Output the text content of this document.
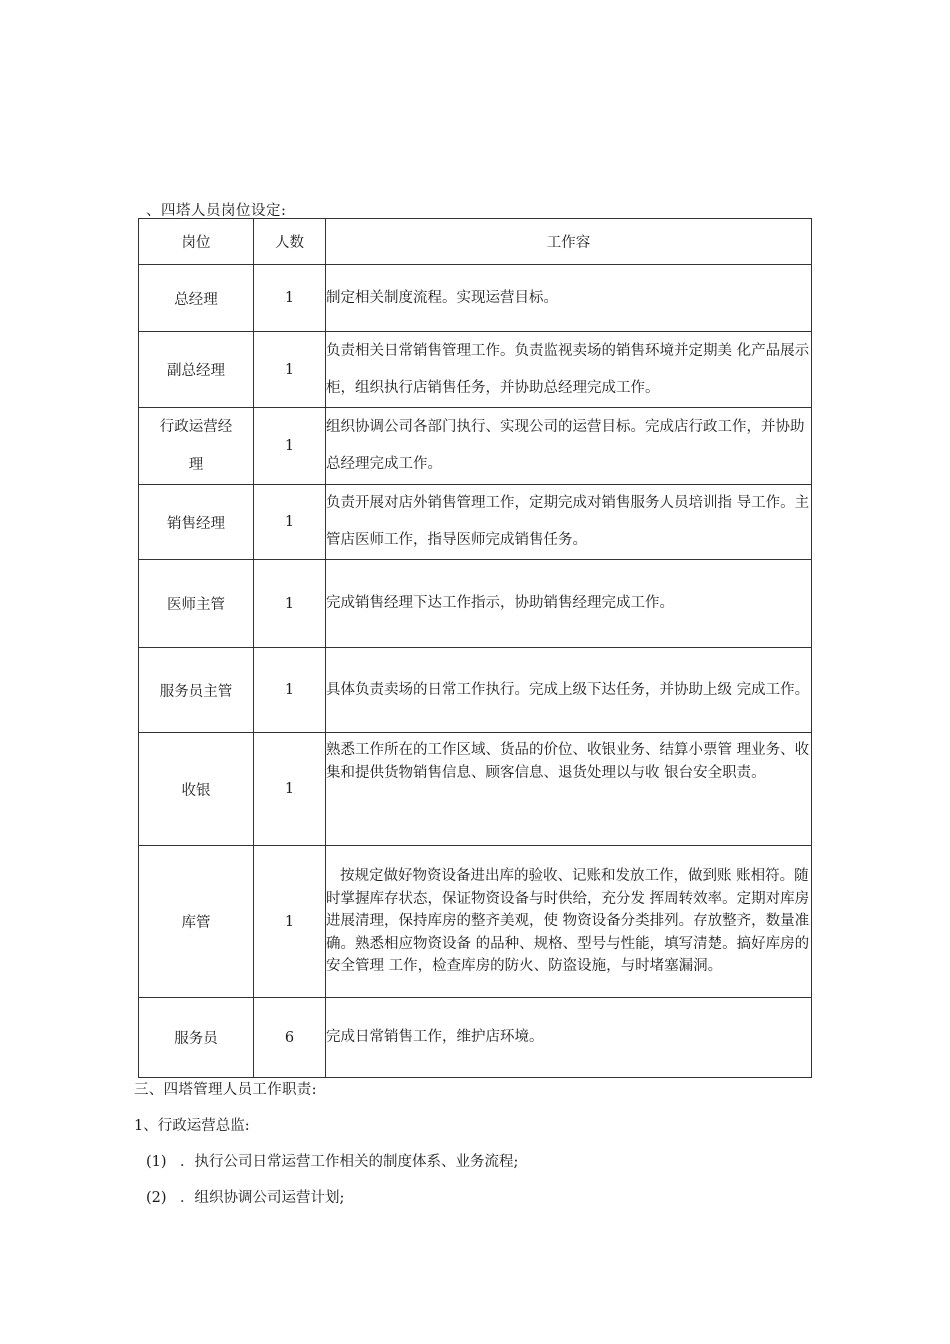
、四塔人员岗位设定:
岗位	人数	工作容
总经理	1	制定相关制度流程。实现运营目标。
副总经理	1	负责相关日常销售管理工作。负责监视卖场的销售环境并定期美 化产品展示柜，组织执行店销售任务，并协助总经理完成工作。
行政运营经理	1	组织协调公司各部门执行、实现公司的运营目标。完成店行政工作，并协助总经理完成工作。
销售经理	1	负责开展对店外销售管理工作，定期完成对销售服务人员培训指 导工作。主管店医师工作，指导医师完成销售任务。
医师主管	1	完成销售经理下达工作指示，协助销售经理完成工作。
服务员主管	1	具体负责卖场的日常工作执行。完成上级下达任务，并协助上级 完成工作。
收银	1	熟悉工作所在的工作区域、货品的价位、收银业务、结算小票管 理业务、收集和提供货物销售信息、顾客信息、退货处理以与收 银台安全职责。
库管	1	按规定做好物资设备进出库的验收、记账和发放工作，做到账 账相符。随时掌握库存状态，保证物资设备与时供给，充分发 挥周转效率。定期对库房进展清理，保持库房的整齐美观，使 物资设备分类排列。存放整齐，数量准确。熟悉相应物资设备 的品种、规格、型号与性能，填写清楚。搞好库房的安全管理 工作，检查库房的防火、防盗设施，与时堵塞漏洞。
服务员	6	完成日常销售工作，维护店环境。
三、四塔管理人员工作职责:
1、行政运营总监:
(1) ．执行公司日常运营工作相关的制度体系、业务流程;
(2) ．组织协调公司运营计划;
